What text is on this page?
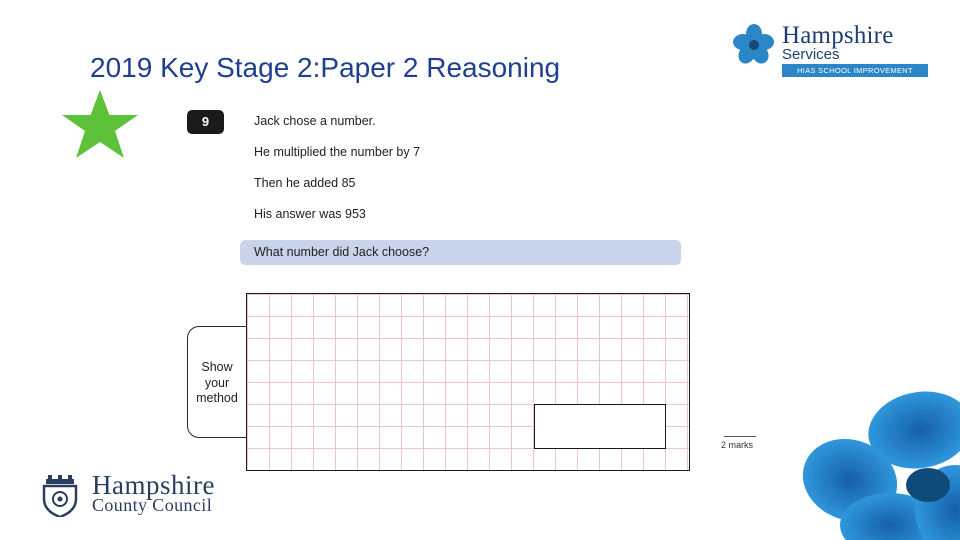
2019 Key Stage 2:Paper 2 Reasoning
Hampshire
Services
HIAS SCHOOL IMPROVEMENT
9	Jack chose a number.
He multiplied the number by 7
Then he added 85
His answer was 953
What number did Jack choose?
Show your method
2 marks
Hampshire
County Council
